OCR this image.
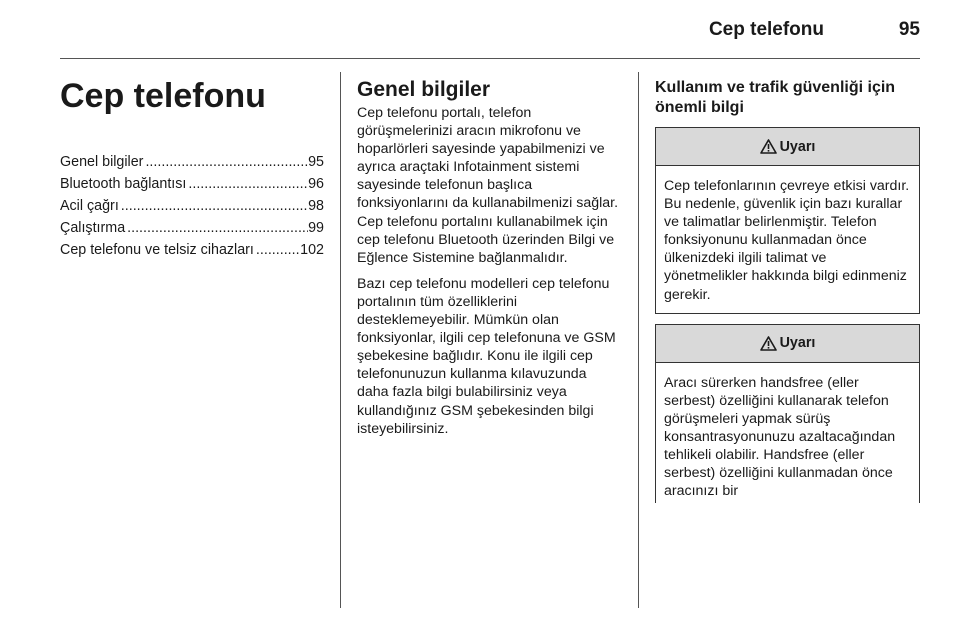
Cep telefonu	95
Cep telefonu
Genel bilgiler .....	95
Bluetooth bağlantısı .....	96
Acil çağrı .....	98
Çalıştırma .....	99
Cep telefonu ve telsiz cihazları .....	102
Genel bilgiler

Cep telefonu portalı, telefon görüşmelerinizi aracın mikrofonu ve hoparlörleri sayesinde yapabilmenizi ve ayrıca araçtaki Infotainment sistemi sayesinde telefonun başlıca fonksiyonlarını da kullanabilmenizi sağlar. Cep telefonu portalını kullanabilmek için cep telefonu Bluetooth üzerinden Bilgi ve Eğlence Sistemine bağlanmalıdır.

Bazı cep telefonu modelleri cep telefonu portalının tüm özelliklerini desteklemeyebilir. Mümkün olan fonksiyonlar, ilgili cep telefonuna ve GSM şebekesine bağlıdır. Konu ile ilgili cep telefonunuzun kullanma kılavuzunda daha fazla bilgi bulabilirsiniz veya kullandığınız GSM şebekesinden bilgi isteyebilirsiniz.

Kullanım ve trafik güvenliği için önemli bilgi
Uyarı

Cep telefonlarının çevreye etkisi vardır. Bu nedenle, güvenlik için bazı kurallar ve talimatlar belirlenmiştir. Telefon fonksiyonunu kullanmadan önce ülkenizdeki ilgili talimat ve yönetmelikler hakkında bilgi edinmeniz gerekir.

Uyarı

Aracı sürerken handsfree (eller serbest) özelliğini kullanarak telefon görüşmeleri yapmak sürüş konsantrasyonunuzu azaltacağından tehlikeli olabilir. Handsfree (eller serbest) özelliğini kullanmadan önce aracınızı bir
